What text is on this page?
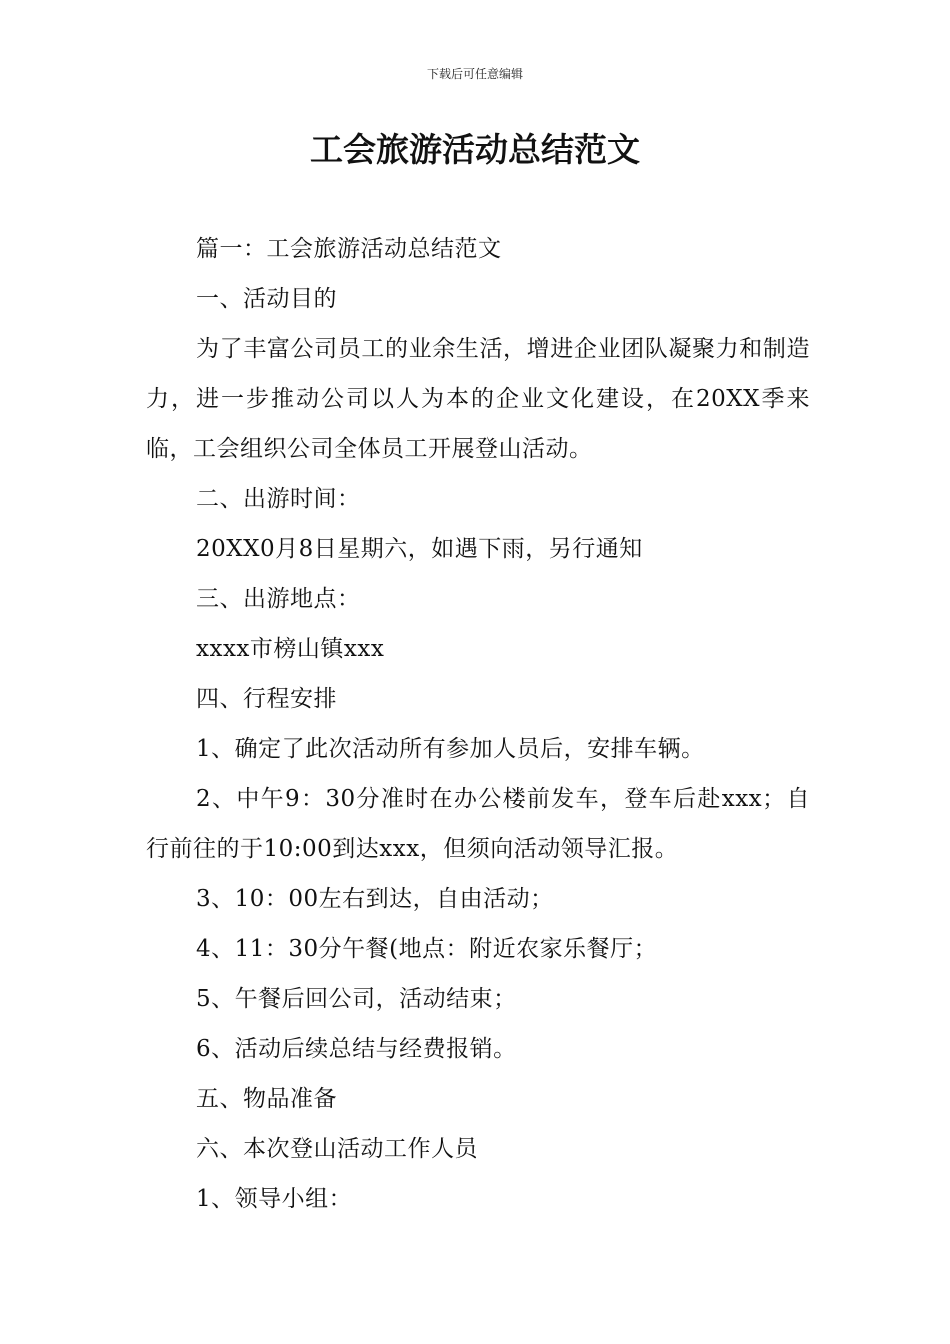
下载后可任意编辑
工会旅游活动总结范文

篇一：工会旅游活动总结范文

一、活动目的

为了丰富公司员工的业余生活，增进企业团队凝聚力和制造力，进一步推动公司以人为本的企业文化建设，在20XX季来临，工会组织公司全体员工开展登山活动。

二、出游时间：

20XX0月8日星期六，如遇下雨，另行通知

三、出游地点：

xxxx市榜山镇xxx

四、行程安排

1、确定了此次活动所有参加人员后，安排车辆。

2、中午9：30分准时在办公楼前发车，登车后赴xxx；自行前往的于10:00到达xxx，但须向活动领导汇报。

3、10：00左右到达，自由活动；

4、11：30分午餐(地点：附近农家乐餐厅；

5、午餐后回公司，活动结束；

6、活动后续总结与经费报销。

五、物品准备

六、本次登山活动工作人员

1、领导小组：
